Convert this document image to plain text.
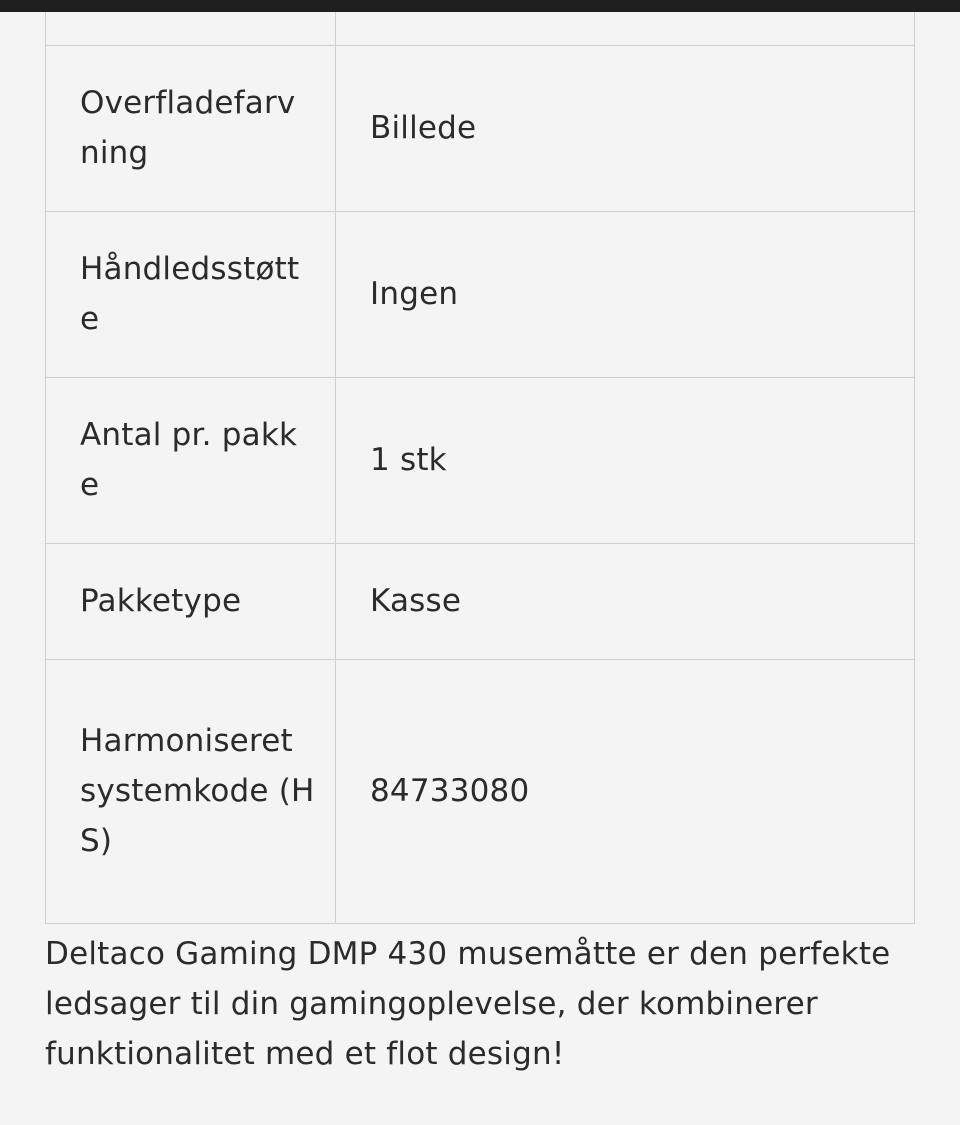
Overfladefarvning	Billede
Håndledsstøtte	Ingen
Antal pr. pakke	1 stk
Pakketype	Kasse
Harmoniseret systemkode (HS)	84733080

Deltaco Gaming DMP 430 musemåtte er den perfekte ledsager til din gamingoplevelse, der kombinerer funktionalitet med et flot design!
